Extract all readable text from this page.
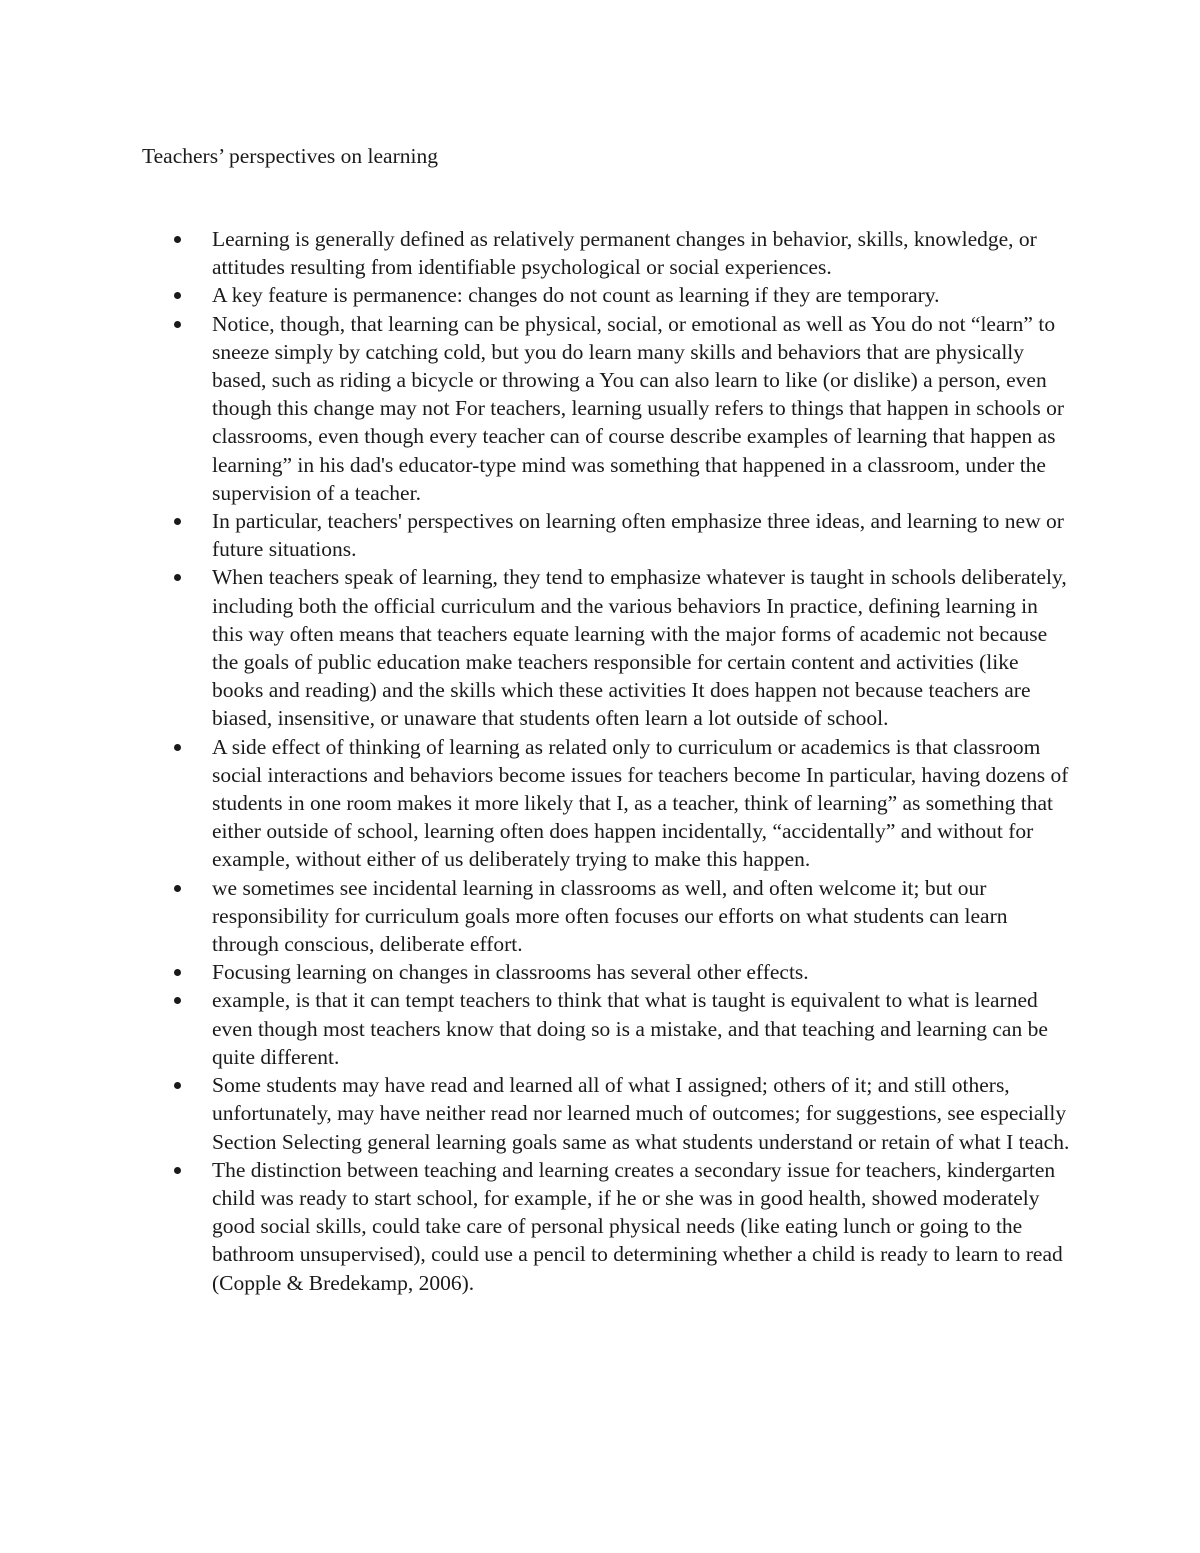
Teachers’ perspectives on learning
Learning is generally defined as relatively permanent changes in behavior, skills, knowledge, or attitudes resulting from identifiable psychological or social experiences.
A key feature is permanence: changes do not count as learning if they are temporary.
Notice, though, that learning can be physical, social, or emotional as well as You do not “learn” to sneeze simply by catching cold, but you do learn many skills and behaviors that are physically based, such as riding a bicycle or throwing a You can also learn to like (or dislike) a person, even though this change may not For teachers, learning usually refers to things that happen in schools or classrooms, even though every teacher can of course describe examples of learning that happen as learning” in his dad's educator-type mind was something that happened in a classroom, under the supervision of a teacher.
In particular, teachers' perspectives on learning often emphasize three ideas, and learning to new or future situations.
When teachers speak of learning, they tend to emphasize whatever is taught in schools deliberately, including both the official curriculum and the various behaviors In practice, defining learning in this way often means that teachers equate learning with the major forms of academic not because the goals of public education make teachers responsible for certain content and activities (like books and reading) and the skills which these activities It does happen not because teachers are biased, insensitive, or unaware that students often learn a lot outside of school.
A side effect of thinking of learning as related only to curriculum or academics is that classroom social interactions and behaviors become issues for teachers become In particular, having dozens of students in one room makes it more likely that I, as a teacher, think of learning” as something that either outside of school, learning often does happen incidentally, “accidentally” and without for example, without either of us deliberately trying to make this happen.
we sometimes see incidental learning in classrooms as well, and often welcome it; but our responsibility for curriculum goals more often focuses our efforts on what students can learn through conscious, deliberate effort.
Focusing learning on changes in classrooms has several other effects.
example, is that it can tempt teachers to think that what is taught is equivalent to what is learned even though most teachers know that doing so is a mistake, and that teaching and learning can be quite different.
Some students may have read and learned all of what I assigned; others of it; and still others, unfortunately, may have neither read nor learned much of outcomes; for suggestions, see especially Section Selecting general learning goals same as what students understand or retain of what I teach.
The distinction between teaching and learning creates a secondary issue for teachers, kindergarten child was ready to start school, for example, if he or she was in good health, showed moderately good social skills, could take care of personal physical needs (like eating lunch or going to the bathroom unsupervised), could use a pencil to determining whether a child is ready to learn to read (Copple & Bredekamp, 2006).
